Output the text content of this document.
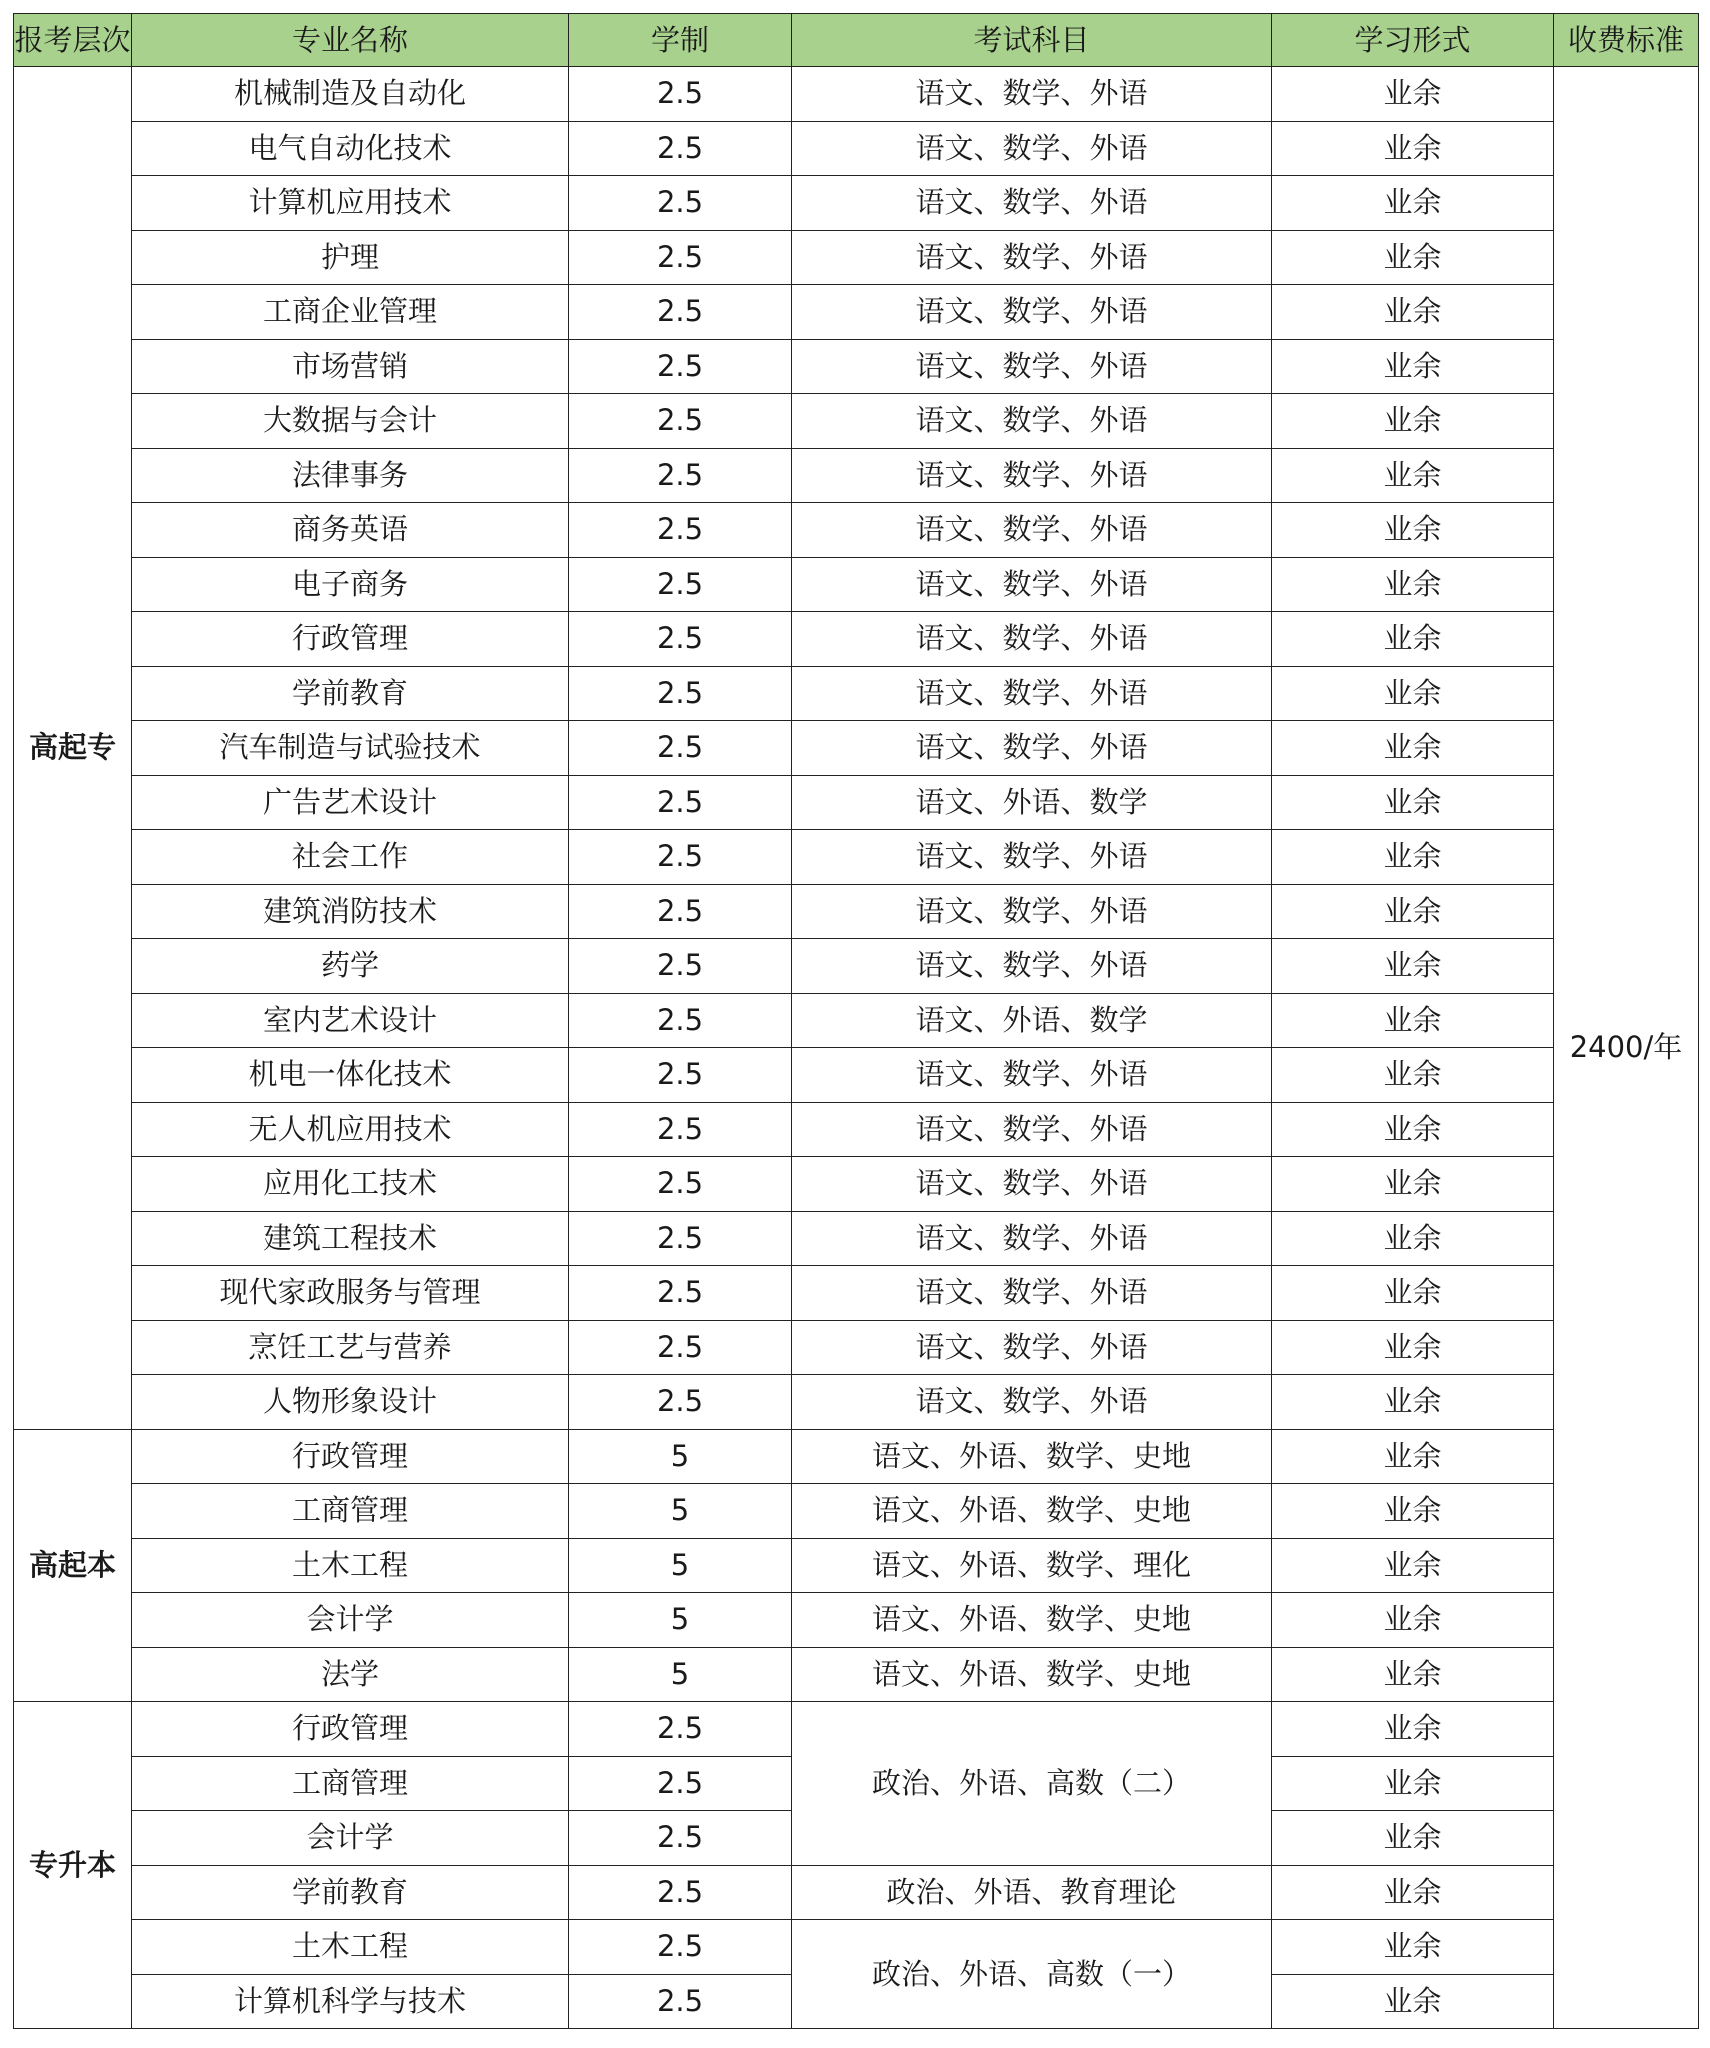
报考层次	专业名称	学制	考试科目	学习形式	收费标准
高起专	机械制造及自动化	2.5	语文、数学、外语	业余	2400/年
	电气自动化技术	2.5	语文、数学、外语	业余	
	计算机应用技术	2.5	语文、数学、外语	业余	
	护理	2.5	语文、数学、外语	业余	
	工商企业管理	2.5	语文、数学、外语	业余	
	市场营销	2.5	语文、数学、外语	业余	
	大数据与会计	2.5	语文、数学、外语	业余	
	法律事务	2.5	语文、数学、外语	业余	
	商务英语	2.5	语文、数学、外语	业余	
	电子商务	2.5	语文、数学、外语	业余	
	行政管理	2.5	语文、数学、外语	业余	
	学前教育	2.5	语文、数学、外语	业余	
	汽车制造与试验技术	2.5	语文、数学、外语	业余	
	广告艺术设计	2.5	语文、外语、数学	业余	
	社会工作	2.5	语文、数学、外语	业余	
	建筑消防技术	2.5	语文、数学、外语	业余	
	药学	2.5	语文、数学、外语	业余	
	室内艺术设计	2.5	语文、外语、数学	业余	
	机电一体化技术	2.5	语文、数学、外语	业余	
	无人机应用技术	2.5	语文、数学、外语	业余	
	应用化工技术	2.5	语文、数学、外语	业余	
	建筑工程技术	2.5	语文、数学、外语	业余	
	现代家政服务与管理	2.5	语文、数学、外语	业余	
	烹饪工艺与营养	2.5	语文、数学、外语	业余	
	人物形象设计	2.5	语文、数学、外语	业余	
高起本	行政管理	5	语文、外语、数学、史地	业余	
	工商管理	5	语文、外语、数学、史地	业余	
	土木工程	5	语文、外语、数学、理化	业余	
	会计学	5	语文、外语、数学、史地	业余	
	法学	5	语文、外语、数学、史地	业余	
专升本	行政管理	2.5	政治、外语、高数（二）	业余	
	工商管理	2.5		业余	
	会计学	2.5		业余	
	学前教育	2.5	政治、外语、教育理论	业余	
	土木工程	2.5	政治、外语、高数（一）	业余	
	计算机科学与技术	2.5		业余	
